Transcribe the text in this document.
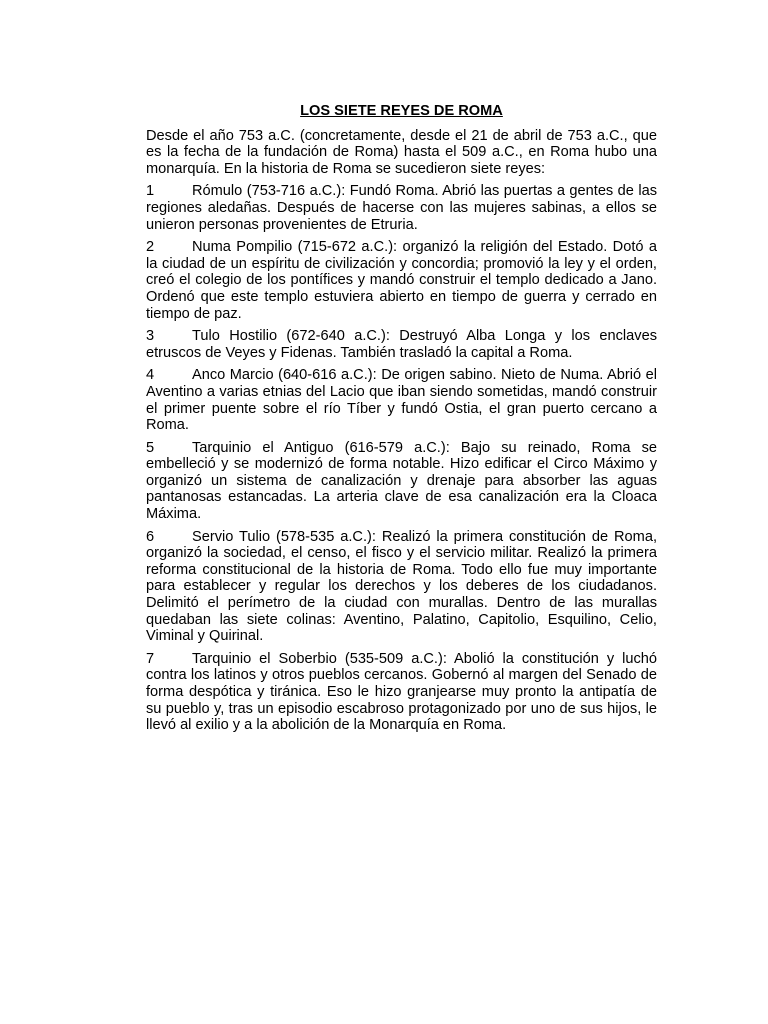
LOS SIETE REYES DE ROMA

Desde el año 753 a.C. (concretamente, desde el 21 de abril de 753 a.C., que es la fecha de la fundación de Roma) hasta el 509 a.C., en Roma hubo una monarquía. En la historia de Roma se sucedieron siete reyes:

1	Rómulo (753-716 a.C.): Fundó Roma. Abrió las puertas a gentes de las regiones aledañas. Después de hacerse con las mujeres sabinas, a ellos se unieron personas provenientes de Etruria.

2	Numa Pompilio (715-672 a.C.): organizó la religión del Estado. Dotó a la ciudad de un espíritu de civilización y concordia; promovió la ley y el orden, creó el colegio de los pontífices y mandó construir el templo dedicado a Jano. Ordenó que este templo estuviera abierto en tiempo de guerra y cerrado en tiempo de paz.

3	Tulo Hostilio (672-640 a.C.): Destruyó Alba Longa y los enclaves etruscos de Veyes y Fidenas. También trasladó la capital a Roma.

4	Anco Marcio (640-616 a.C.): De origen sabino. Nieto de Numa. Abrió el Aventino a varias etnias del Lacio que iban siendo sometidas, mandó construir el primer puente sobre el río Tíber y fundó Ostia, el gran puerto cercano a Roma.

5	Tarquinio el Antiguo (616-579 a.C.): Bajo su reinado, Roma se embelleció y se modernizó de forma notable. Hizo edificar el Circo Máximo y organizó un sistema de canalización y drenaje para absorber las aguas pantanosas estancadas. La arteria clave de esa canalización era la Cloaca Máxima.

6	Servio Tulio (578-535 a.C.): Realizó la primera constitución de Roma, organizó la sociedad, el censo, el fisco y el servicio militar. Realizó la primera reforma constitucional de la historia de Roma. Todo ello fue muy importante para establecer y regular los derechos y los deberes de los ciudadanos. Delimitó el perímetro de la ciudad con murallas. Dentro de las murallas quedaban las siete colinas: Aventino, Palatino, Capitolio, Esquilino, Celio, Viminal y Quirinal.

7	Tarquinio el Soberbio (535-509 a.C.): Abolió la constitución y luchó contra los latinos y otros pueblos cercanos. Gobernó al margen del Senado de forma despótica y tiránica. Eso le hizo granjearse muy pronto la antipatía de su pueblo y, tras un episodio escabroso protagonizado por uno de sus hijos, le llevó al exilio y a la abolición de la Monarquía en Roma.
